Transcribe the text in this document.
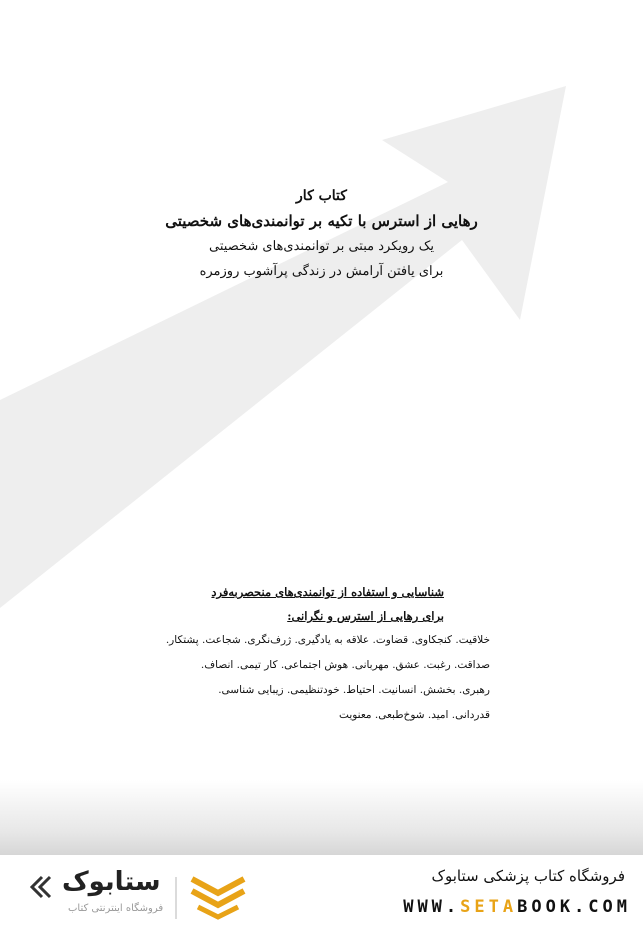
کتاب کار
رهایی از استرس با تکیه بر توانمندی‌های شخصیتی
یک رویکرد مبتی بر توانمندی‌های شخصیتی
برای یافتن آرامش در زندگی پرآشوب روزمره
شناسایی و استفاده از توانمندی‌های منحصربه‌فرد
برای رهایی از استرس و نگرانی:
خلاقیت. کنجکاوی. قضاوت. علاقه به یادگیری. ژرف‌نگری. شجاعت. پشتکار.
صداقت. رغبت. عشق. مهربانی. هوش اجتماعی. کار تیمی. انصاف.
رهبری. بخشش. انسانیت. احتیاط. خودتنظیمی. زیبایی شناسی.
قدردانی. امید. شوخ‌طبعی. معنویت
ستابوک
فروشگاه اینترنتی کتاب
فروشگاه کتاب پزشکی ستابوک
WWW.SETABOOK.COM
